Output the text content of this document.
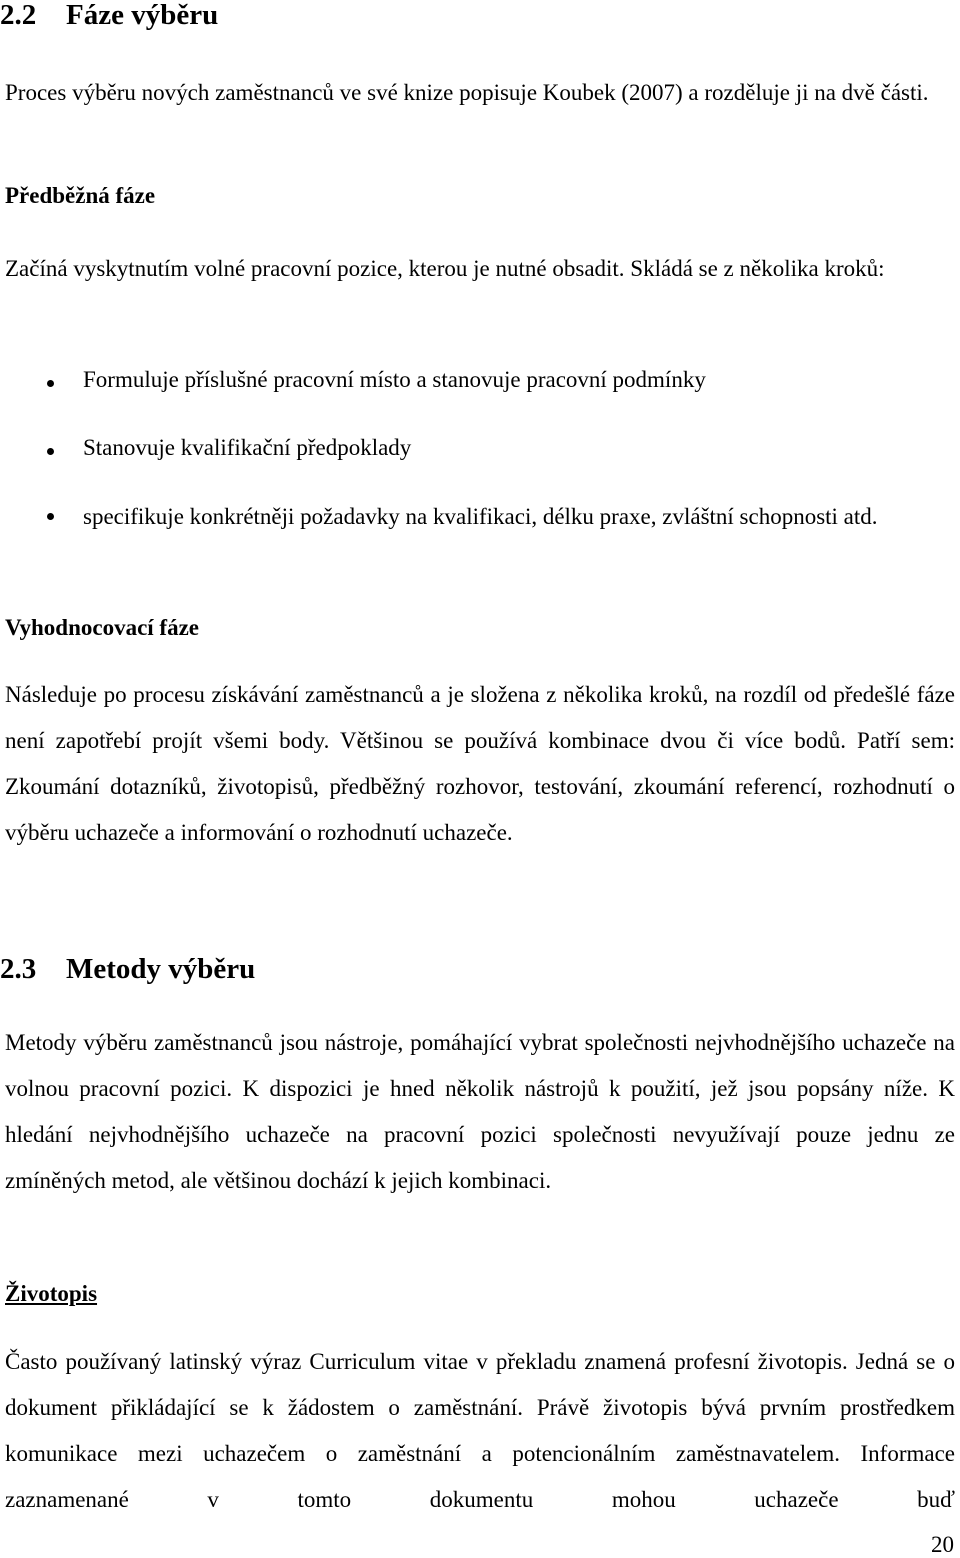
2.2 Fáze výběru

Proces výběru nových zaměstnanců ve své knize popisuje Koubek (2007) a rozděluje ji na dvě části.

Předběžná fáze

Začíná vyskytnutím volné pracovní pozice, kterou je nutné obsadit. Skládá se z několika kroků:

Formuluje příslušné pracovní místo a stanovuje pracovní podmínky
Stanovuje kvalifikační předpoklady
specifikuje konkrétněji požadavky na kvalifikaci, délku praxe, zvláštní schopnosti atd.
Vyhodnocovací fáze

Následuje po procesu získávání zaměstnanců a je složena z několika kroků, na rozdíl od předešlé fáze není zapotřebí projít všemi body. Většinou se používá kombinace dvou či více bodů. Patří sem: Zkoumání dotazníků, životopisů, předběžný rozhovor, testování, zkoumání referencí, rozhodnutí o výběru uchazeče a informování o rozhodnutí uchazeče.

2.3 Metody výběru

Metody výběru zaměstnanců jsou nástroje, pomáhající vybrat společnosti nejvhodnějšího uchazeče na volnou pracovní pozici. K dispozici je hned několik nástrojů k použití, jež jsou popsány níže. K hledání nejvhodnějšího uchazeče na pracovní pozici společnosti nevyužívají pouze jednu ze zmíněných metod, ale většinou dochází k jejich kombinaci.

Životopis

Často používaný latinský výraz Curriculum vitae v překladu znamená profesní životopis. Jedná se o dokument přikládající se k žádostem o zaměstnání. Právě životopis bývá prvním prostředkem komunikace mezi uchazečem o zaměstnání a potencionálním zaměstnavatelem. Informace zaznamenané v tomto dokumentu mohou uchazeče buď

20
